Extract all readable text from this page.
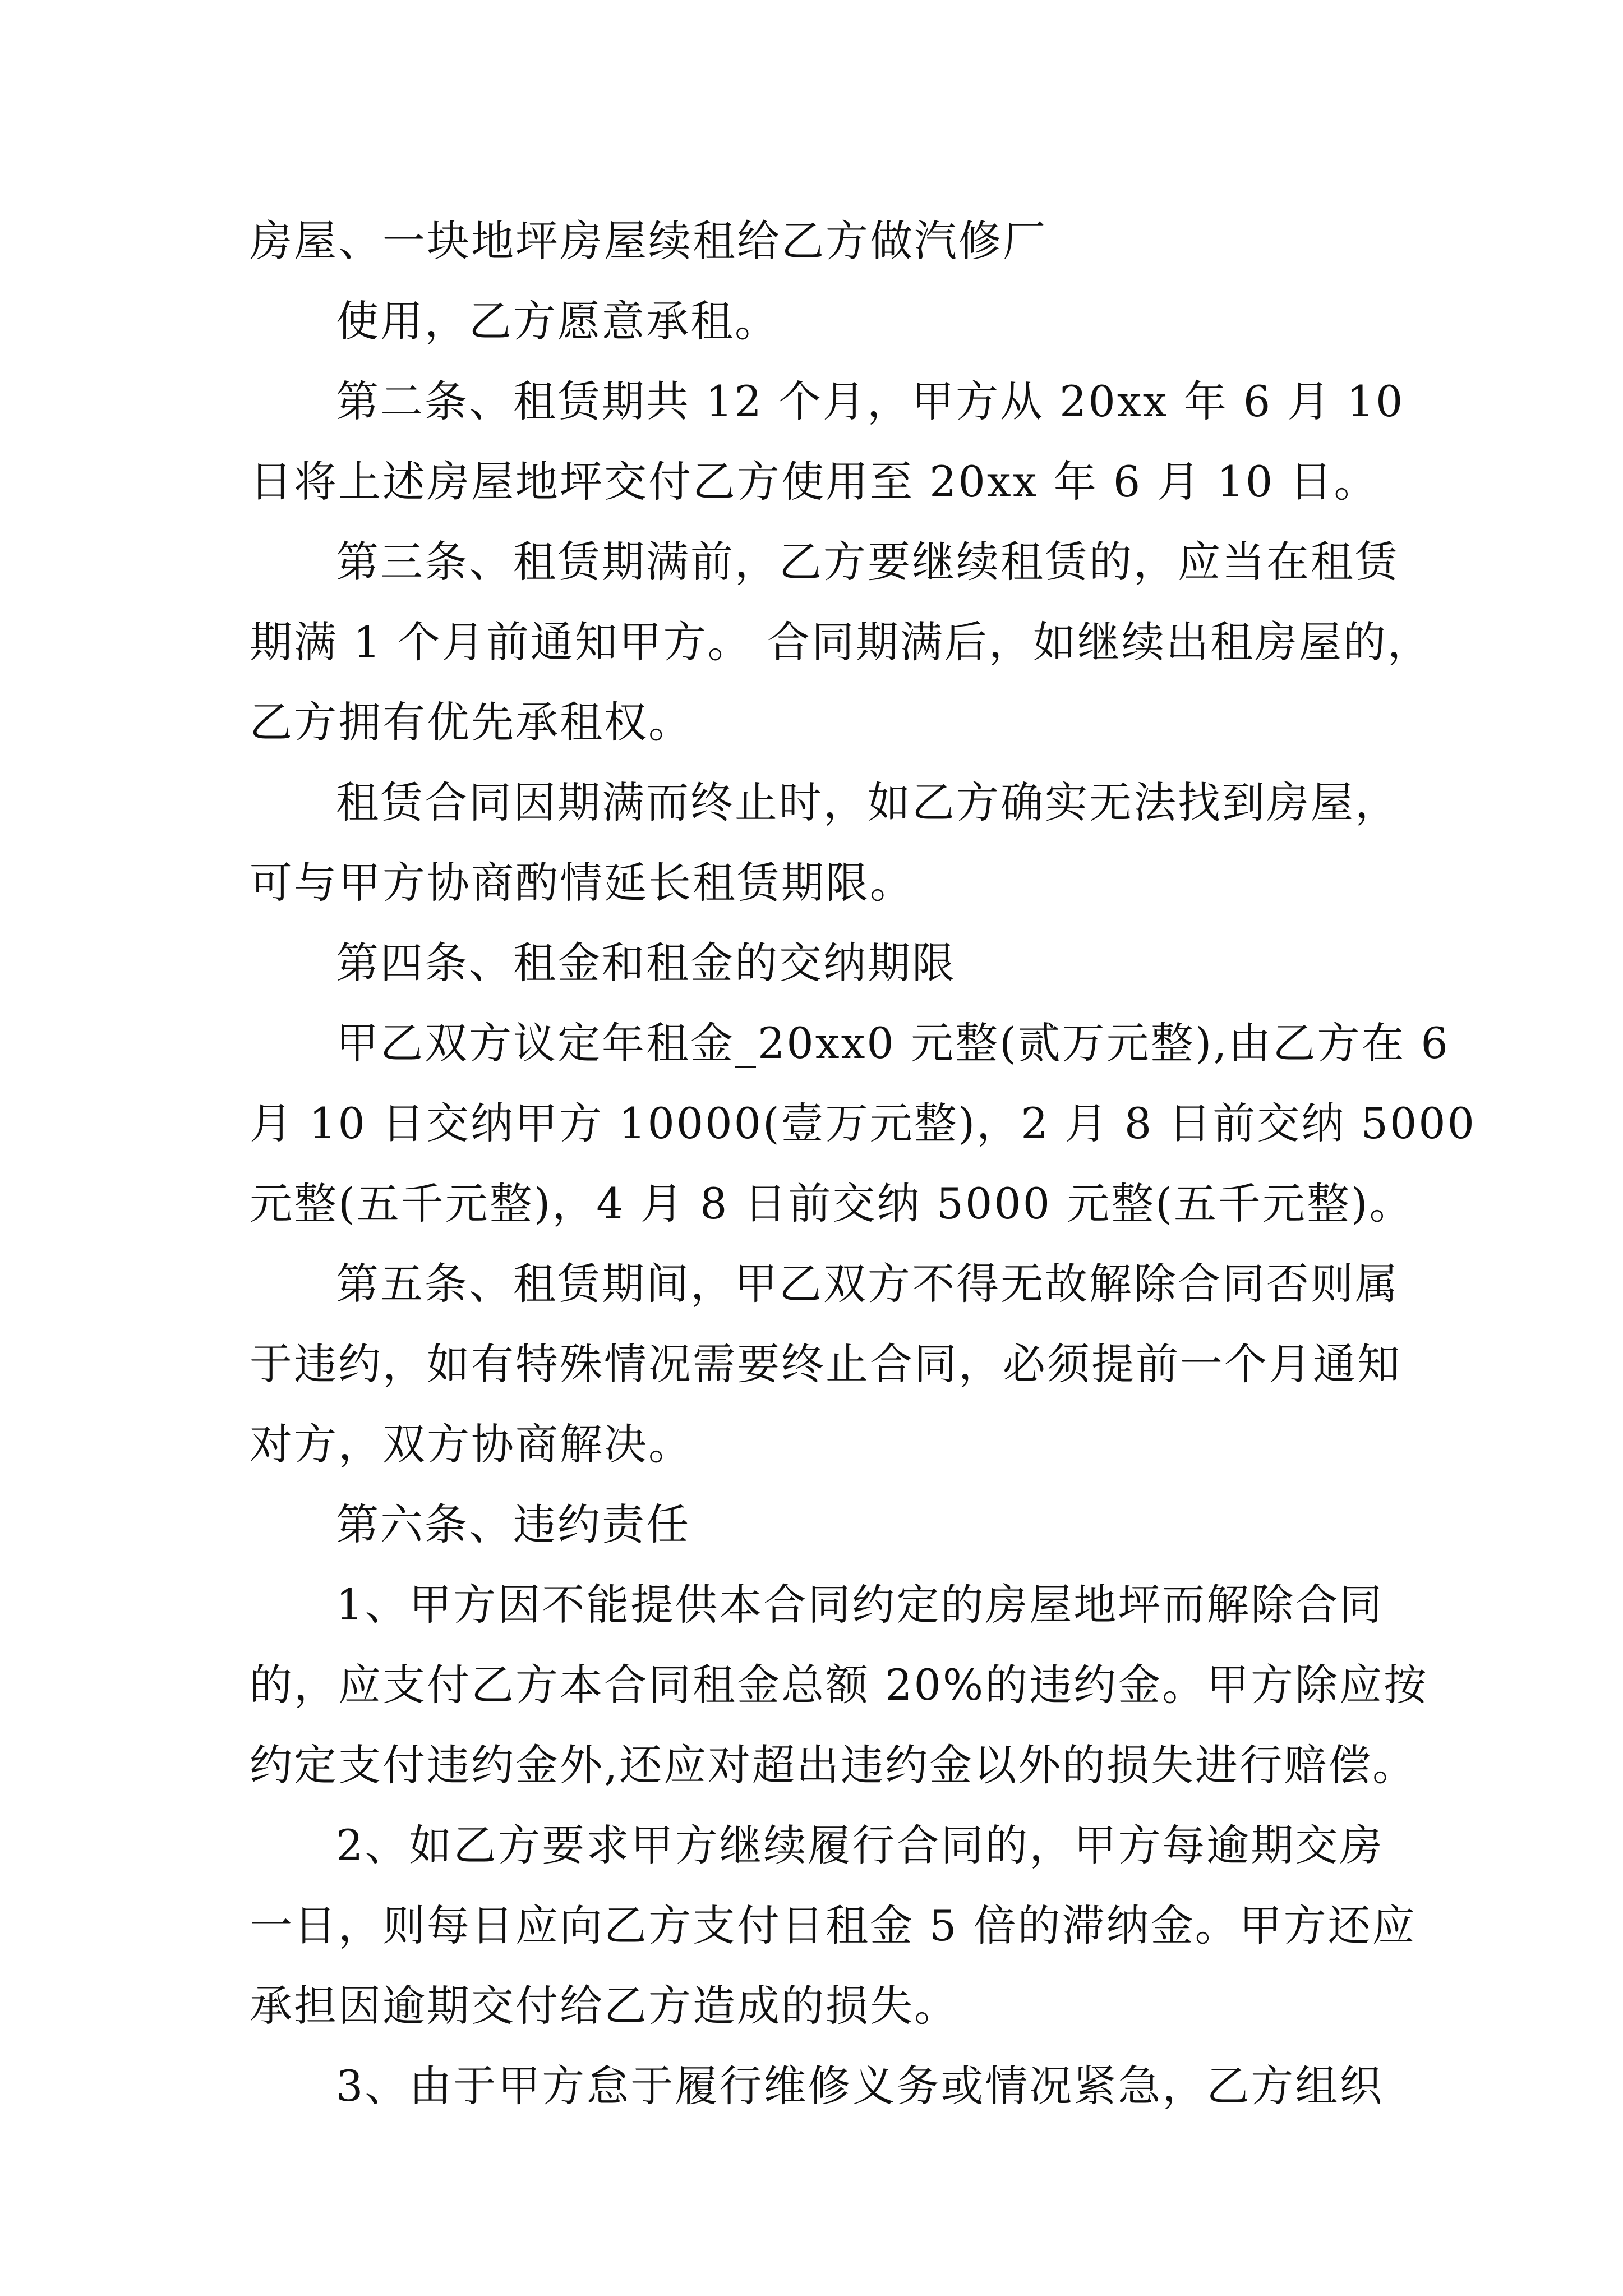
房屋、一块地坪房屋续租给乙方做汽修厂
使用，乙方愿意承租。
第二条、租赁期共 12 个月，甲方从 20xx 年 6 月 10
日将上述房屋地坪交付乙方使用至 20xx 年 6 月 10 日。
第三条、租赁期满前，乙方要继续租赁的，应当在租赁
期满 1 个月前通知甲方。 合同期满后，如继续出租房屋的，
乙方拥有优先承租权。
租赁合同因期满而终止时，如乙方确实无法找到房屋，
可与甲方协商酌情延长租赁期限。
第四条、租金和租金的交纳期限
甲乙双方议定年租金_20xx0 元整(贰万元整),由乙方在 6
月 10 日交纳甲方 10000(壹万元整)，2 月 8 日前交纳 5000
元整(五千元整)，4 月 8 日前交纳 5000 元整(五千元整)。
第五条、租赁期间，甲乙双方不得无故解除合同否则属
于违约，如有特殊情况需要终止合同，必须提前一个月通知
对方，双方协商解决。
第六条、违约责任
1、甲方因不能提供本合同约定的房屋地坪而解除合同
的，应支付乙方本合同租金总额 20%的违约金。甲方除应按
约定支付违约金外,还应对超出违约金以外的损失进行赔偿。
2、如乙方要求甲方继续履行合同的，甲方每逾期交房
一日，则每日应向乙方支付日租金 5 倍的滞纳金。甲方还应
承担因逾期交付给乙方造成的损失。
3、由于甲方怠于履行维修义务或情况紧急，乙方组织
